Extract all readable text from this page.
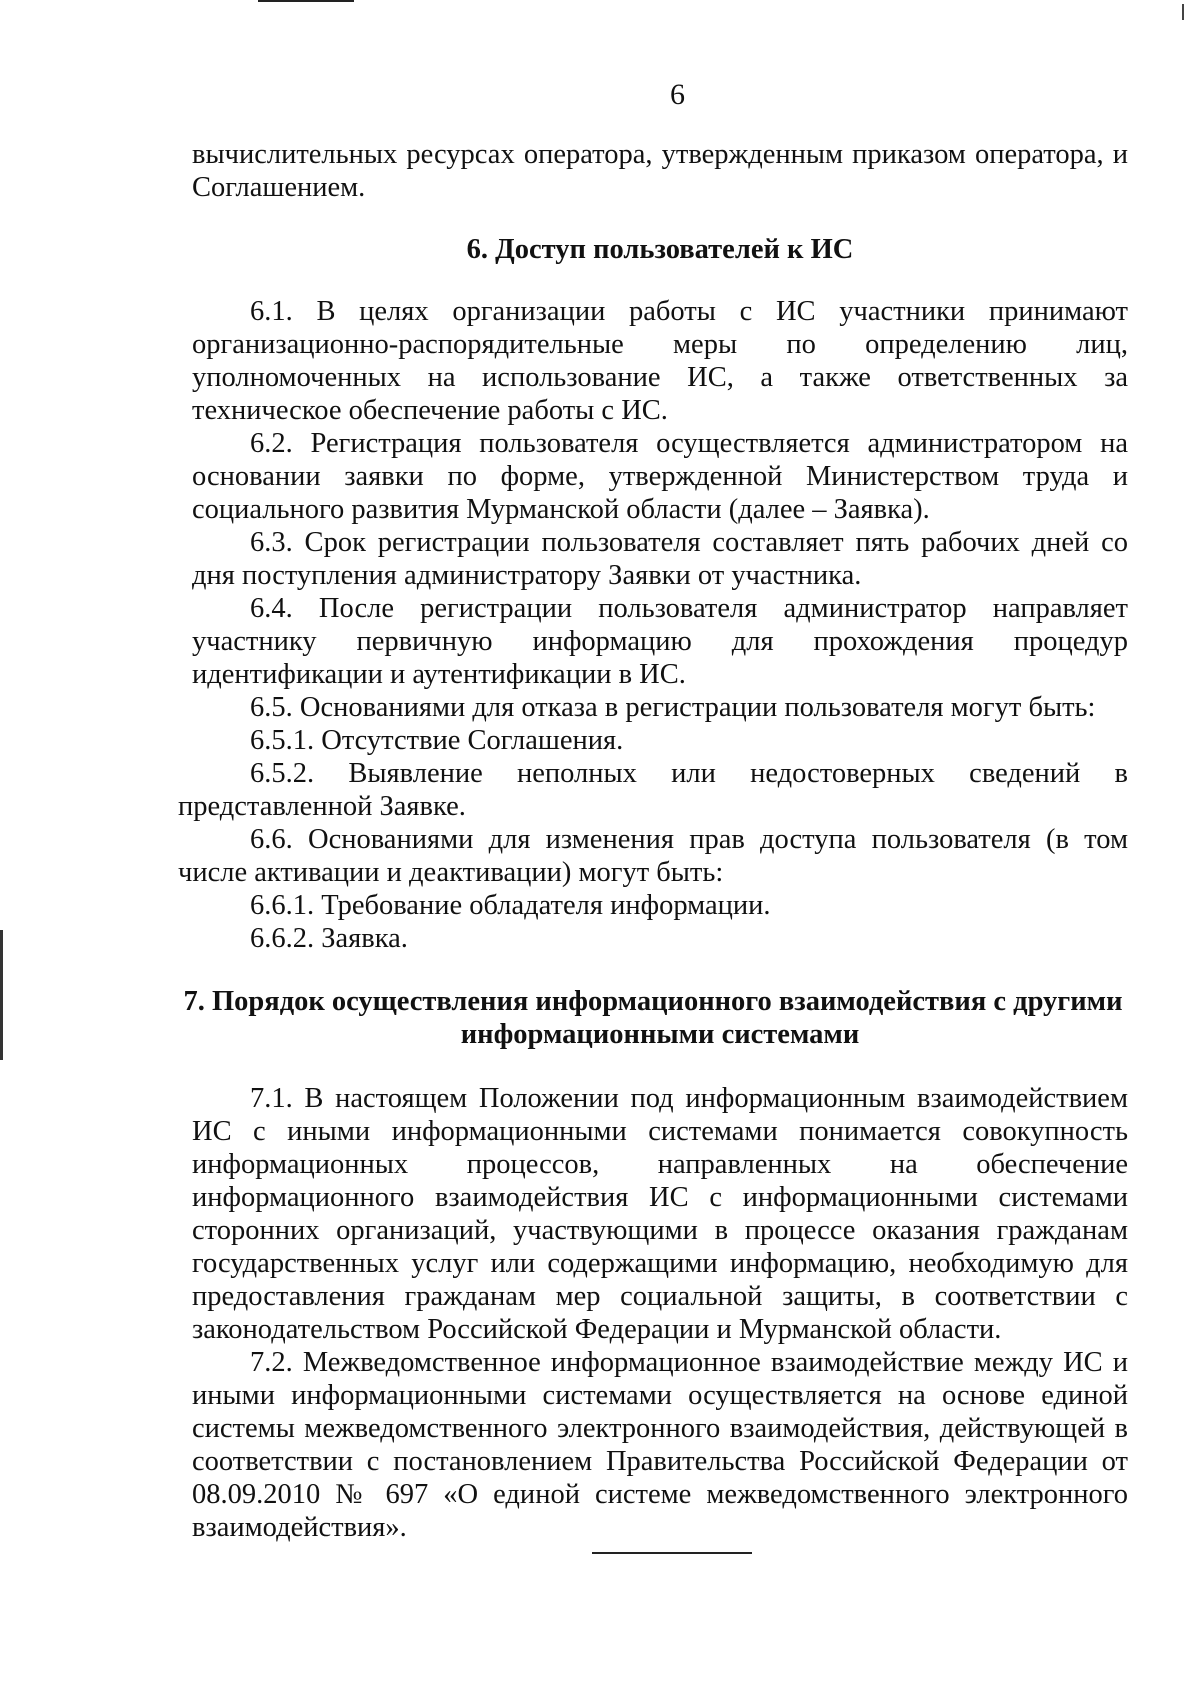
6

вычислительных ресурсах оператора, утвержденным приказом оператора, и Соглашением.

6. Доступ пользователей к ИС

6.1. В целях организации работы с ИС участники принимают организационно-распорядительные меры по определению лиц, уполномоченных на использование ИС, а также ответственных за техническое обеспечение работы с ИС.

6.2. Регистрация пользователя осуществляется администратором на основании заявки по форме, утвержденной Министерством труда и социального развития Мурманской области (далее – Заявка).

6.3. Срок регистрации пользователя составляет пять рабочих дней со дня поступления администратору Заявки от участника.

6.4. После регистрации пользователя администратор направляет участнику первичную информацию для прохождения процедур идентификации и аутентификации в ИС.

6.5. Основаниями для отказа в регистрации пользователя могут быть:

6.5.1. Отсутствие Соглашения.

6.5.2. Выявление неполных или недостоверных сведений в

представленной Заявке.

6.6. Основаниями для изменения прав доступа пользователя (в том

числе активации и деактивации) могут быть:

6.6.1. Требование обладателя информации.

6.6.2. Заявка.

7. Порядок осуществления информационного взаимодействия с другими
информационными системами

7.1. В настоящем Положении под информационным взаимодействием ИС с иными информационными системами понимается совокупность информационных процессов, направленных на обеспечение информационного взаимодействия ИС с информационными системами сторонних организаций, участвующими в процессе оказания гражданам государственных услуг или содержащими информацию, необходимую для предоставления гражданам мер социальной защиты, в соответствии с законодательством Российской Федерации и Мурманской области.

7.2. Межведомственное информационное взаимодействие между ИС и иными информационными системами осуществляется на основе единой системы межведомственного электронного взаимодействия, действующей в соответствии с постановлением Правительства Российской Федерации от 08.09.2010 № 697 «О единой системе межведомственного электронного взаимодействия».
